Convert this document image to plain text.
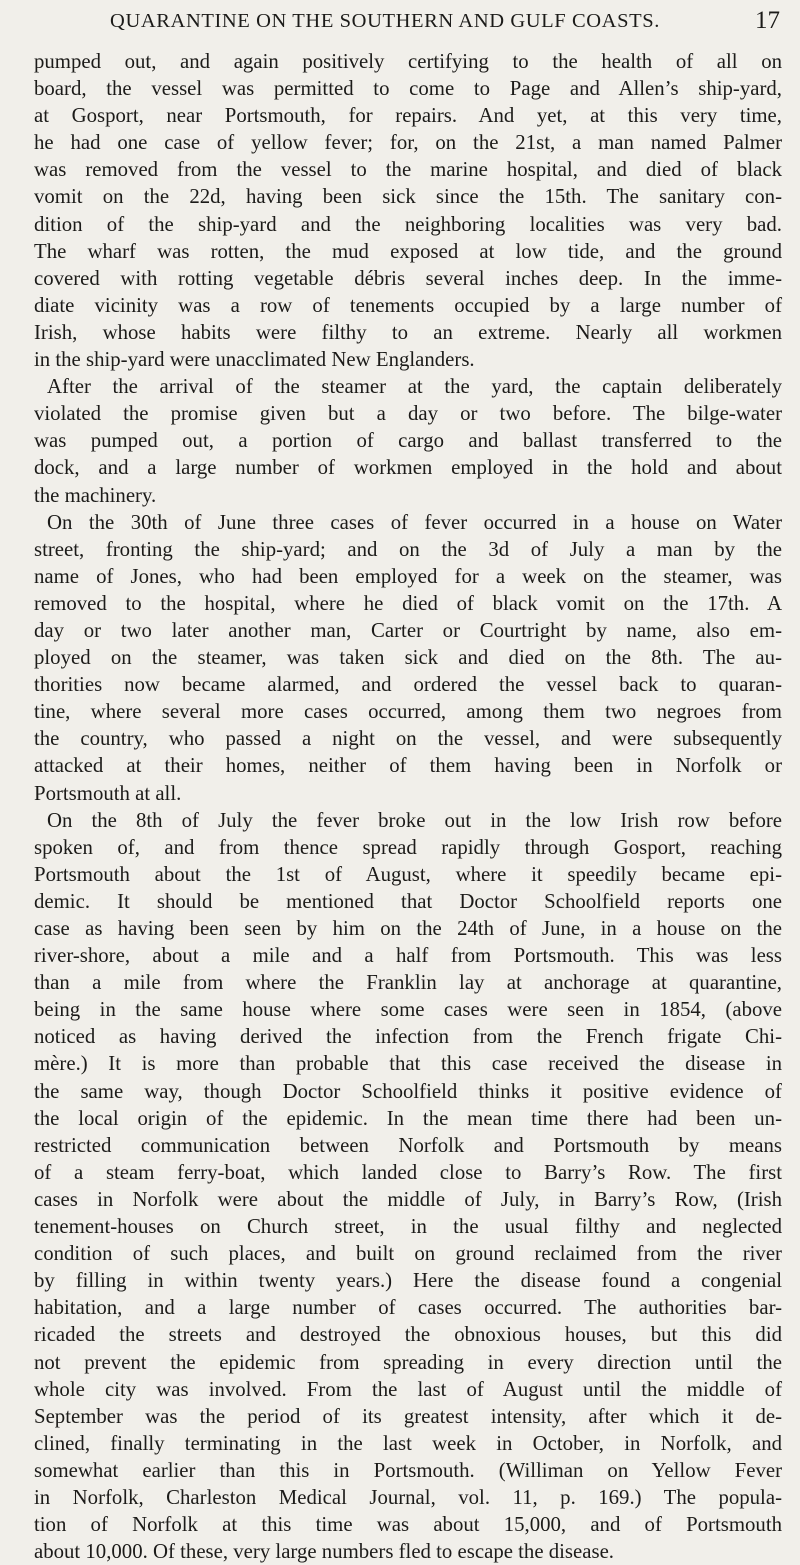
QUARANTINE ON THE SOUTHERN AND GULF COASTS.	17
pumped out, and again positively certifying to the health of all on
board, the vessel was permitted to come to Page and Allen’s ship-yard,
at Gosport, near Portsmouth, for repairs. And yet, at this very time,
he had one case of yellow fever; for, on the 21st, a man named Palmer
was removed from the vessel to the marine hospital, and died of black
vomit on the 22d, having been sick since the 15th. The sanitary con-
dition of the ship-yard and the neighboring localities was very bad.
The wharf was rotten, the mud exposed at low tide, and the ground
covered with rotting vegetable débris several inches deep. In the imme-
diate vicinity was a row of tenements occupied by a large number of
Irish, whose habits were filthy to an extreme. Nearly all workmen
in the ship-yard were unacclimated New Englanders.
After the arrival of the steamer at the yard, the captain deliberately
violated the promise given but a day or two before. The bilge-water
was pumped out, a portion of cargo and ballast transferred to the
dock, and a large number of workmen employed in the hold and about
the machinery.
On the 30th of June three cases of fever occurred in a house on Water
street, fronting the ship-yard; and on the 3d of July a man by the
name of Jones, who had been employed for a week on the steamer, was
removed to the hospital, where he died of black vomit on the 17th. A
day or two later another man, Carter or Courtright by name, also em-
ployed on the steamer, was taken sick and died on the 8th. The au-
thorities now became alarmed, and ordered the vessel back to quaran-
tine, where several more cases occurred, among them two negroes from
the country, who passed a night on the vessel, and were subsequently
attacked at their homes, neither of them having been in Norfolk or
Portsmouth at all.
On the 8th of July the fever broke out in the low Irish row before
spoken of, and from thence spread rapidly through Gosport, reaching
Portsmouth about the 1st of August, where it speedily became epi-
demic. It should be mentioned that Doctor Schoolfield reports one
case as having been seen by him on the 24th of June, in a house on the
river-shore, about a mile and a half from Portsmouth. This was less
than a mile from where the Franklin lay at anchorage at quarantine,
being in the same house where some cases were seen in 1854, (above
noticed as having derived the infection from the French frigate Chi-
mère.) It is more than probable that this case received the disease in
the same way, though Doctor Schoolfield thinks it positive evidence of
the local origin of the epidemic. In the mean time there had been un-
restricted communication between Norfolk and Portsmouth by means
of a steam ferry-boat, which landed close to Barry’s Row. The first
cases in Norfolk were about the middle of July, in Barry’s Row, (Irish
tenement-houses on Church street, in the usual filthy and neglected
condition of such places, and built on ground reclaimed from the river
by filling in within twenty years.) Here the disease found a congenial
habitation, and a large number of cases occurred. The authorities bar-
ricaded the streets and destroyed the obnoxious houses, but this did
not prevent the epidemic from spreading in every direction until the
whole city was involved. From the last of August until the middle of
September was the period of its greatest intensity, after which it de-
clined, finally terminating in the last week in October, in Norfolk, and
somewhat earlier than this in Portsmouth. (Williman on Yellow Fever
in Norfolk, Charleston Medical Journal, vol. 11, p. 169.) The popula-
tion of Norfolk at this time was about 15,000, and of Portsmouth
about 10,000. Of these, very large numbers fled to escape the disease.
